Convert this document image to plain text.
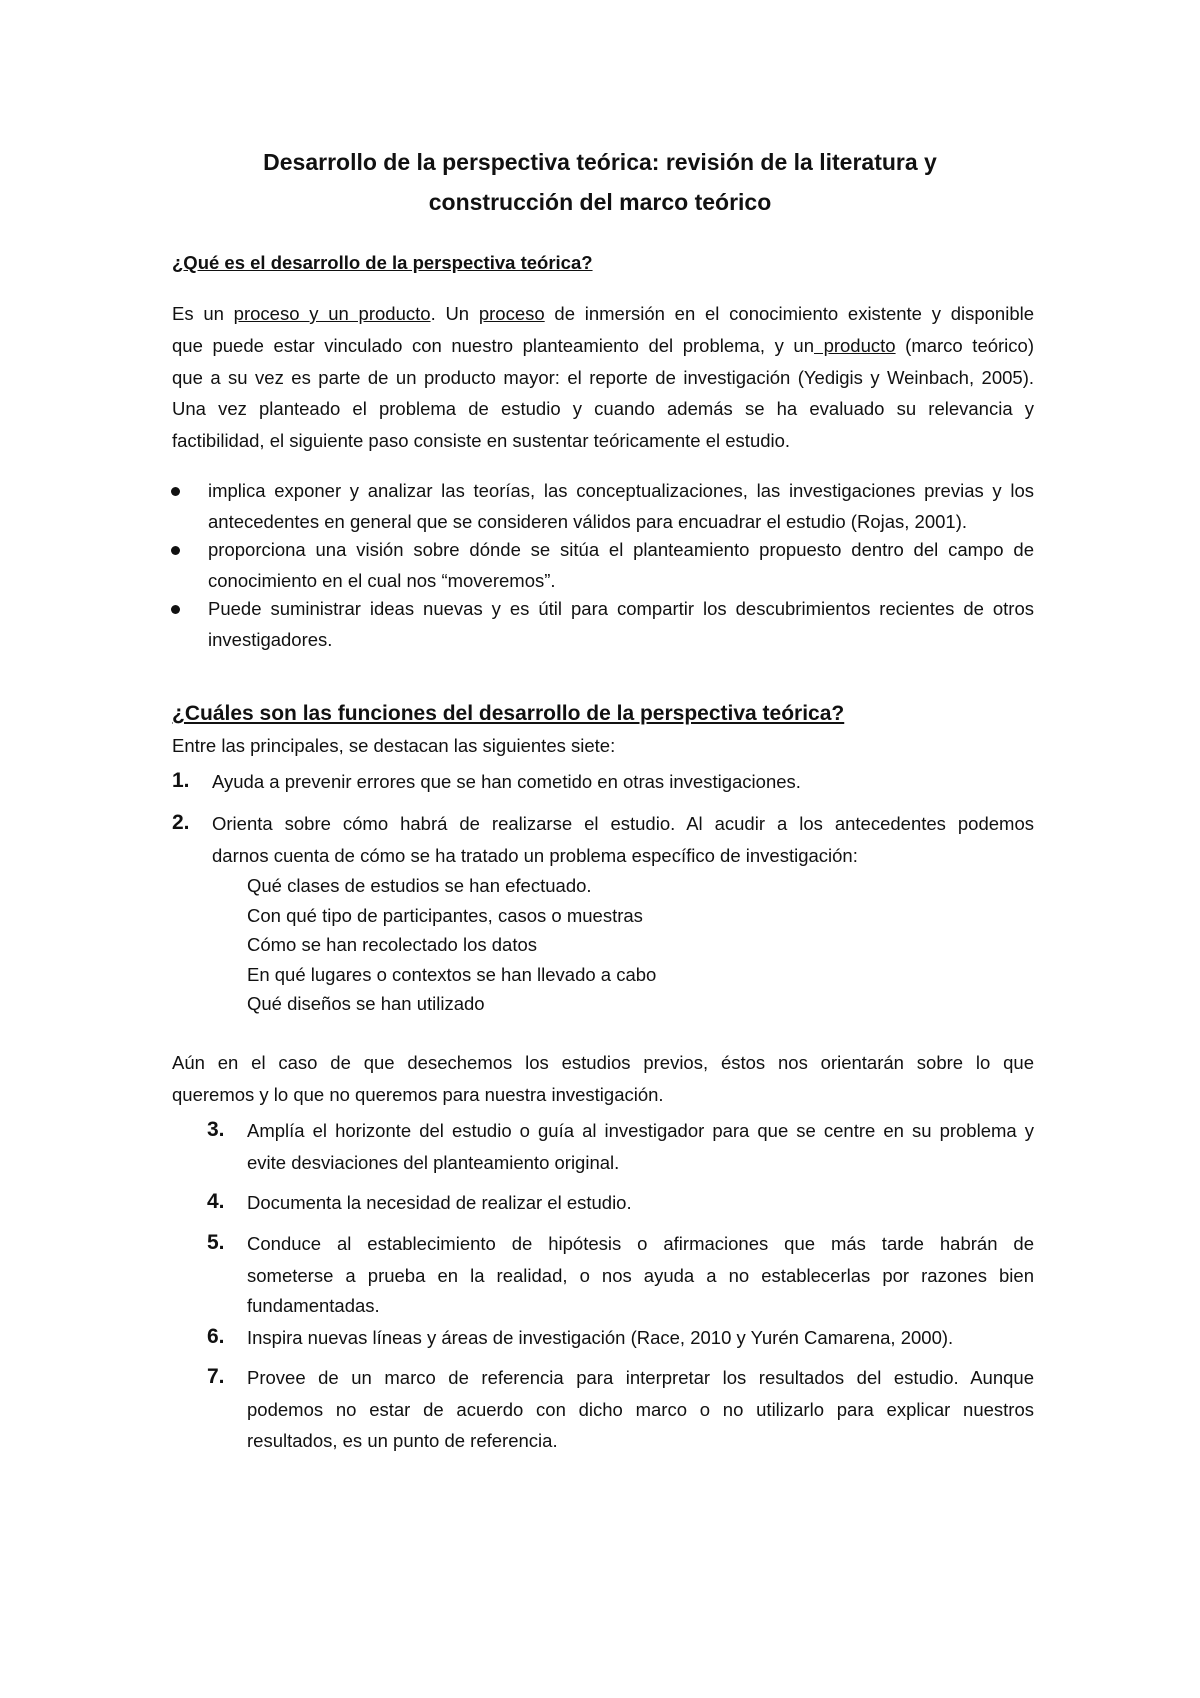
Desarrollo de la perspectiva teórica: revisión de la literatura y
construcción del marco teórico
¿Qué es el desarrollo de la perspectiva teórica?
Es un proceso y un producto. Un proceso de inmersión en el conocimiento existente y disponible
que puede estar vinculado con nuestro planteamiento del problema, y un producto (marco teórico)
que a su vez es parte de un producto mayor: el reporte de investigación (Yedigis y Weinbach, 2005).
Una vez planteado el problema de estudio y cuando además se ha evaluado su relevancia y
factibilidad, el siguiente paso consiste en sustentar teóricamente el estudio.
implica exponer y analizar las teorías, las conceptualizaciones, las investigaciones previas y los
antecedentes en general que se consideren válidos para encuadrar el estudio (Rojas, 2001).
proporciona una visión sobre dónde se sitúa el planteamiento propuesto dentro del campo de
conocimiento en el cual nos “moveremos”.
Puede suministrar ideas nuevas y es útil para compartir los descubrimientos recientes de otros
investigadores.
¿Cuáles son las funciones del desarrollo de la perspectiva teórica?
Entre las principales, se destacan las siguientes siete:
1. Ayuda a prevenir errores que se han cometido en otras investigaciones.
2. Orienta sobre cómo habrá de realizarse el estudio. Al acudir a los antecedentes podemos
darnos cuenta de cómo se ha tratado un problema específico de investigación:
Qué clases de estudios se han efectuado.
Con qué tipo de participantes, casos o muestras
Cómo se han recolectado los datos
En qué lugares o contextos se han llevado a cabo
Qué diseños se han utilizado
Aún en el caso de que desechemos los estudios previos, éstos nos orientarán sobre lo que
queremos y lo que no queremos para nuestra investigación.
3. Amplía el horizonte del estudio o guía al investigador para que se centre en su problema y
evite desviaciones del planteamiento original.
4. Documenta la necesidad de realizar el estudio.
5. Conduce al establecimiento de hipótesis o afirmaciones que más tarde habrán de
someterse a prueba en la realidad, o nos ayuda a no establecerlas por razones bien
fundamentadas.
6. Inspira nuevas líneas y áreas de investigación (Race, 2010 y Yurén Camarena, 2000).
7. Provee de un marco de referencia para interpretar los resultados del estudio. Aunque
podemos no estar de acuerdo con dicho marco o no utilizarlo para explicar nuestros
resultados, es un punto de referencia.
